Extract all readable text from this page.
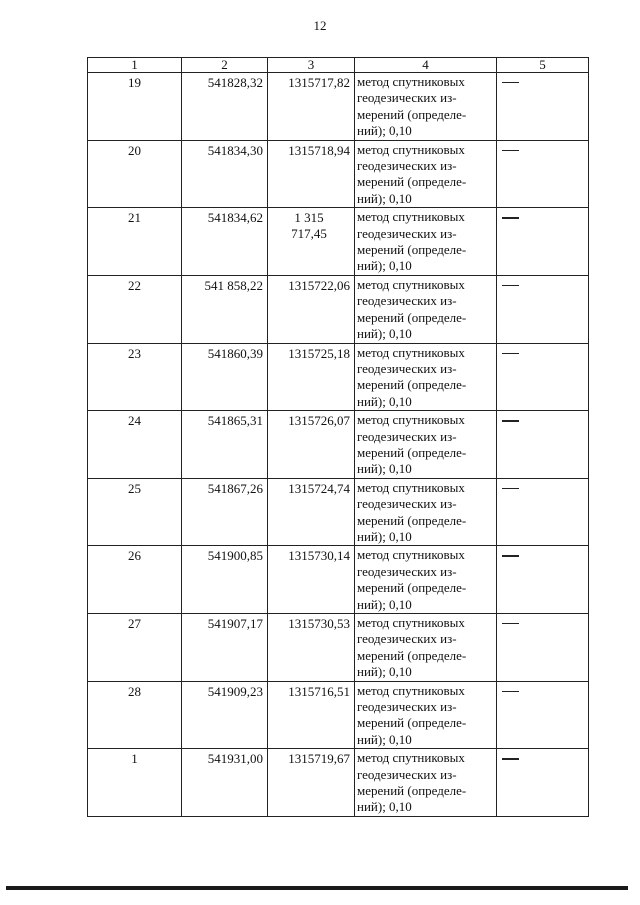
12
1	2	3	4	5
19	541828,32	1315717,82	метод спутниковых
геодезических из-
мерений (определе-
ний); 0,10	

20	541834,30	1315718,94	метод спутниковых
геодезических из-
мерений (определе-
ний); 0,10	

21	541834,62	1 315
717,45	метод спутниковых
геодезических из-
мерений (определе-
ний); 0,10	

22	541 858,22	1315722,06	метод спутниковых
геодезических из-
мерений (определе-
ний); 0,10	

23	541860,39	1315725,18	метод спутниковых
геодезических из-
мерений (определе-
ний); 0,10	

24	541865,31	1315726,07	метод спутниковых
геодезических из-
мерений (определе-
ний); 0,10	

25	541867,26	1315724,74	метод спутниковых
геодезических из-
мерений (определе-
ний); 0,10	

26	541900,85	1315730,14	метод спутниковых
геодезических из-
мерений (определе-
ний); 0,10	

27	541907,17	1315730,53	метод спутниковых
геодезических из-
мерений (определе-
ний); 0,10	

28	541909,23	1315716,51	метод спутниковых
геодезических из-
мерений (определе-
ний); 0,10	

1	541931,00	1315719,67	метод спутниковых
геодезических из-
мерений (определе-
ний); 0,10	
